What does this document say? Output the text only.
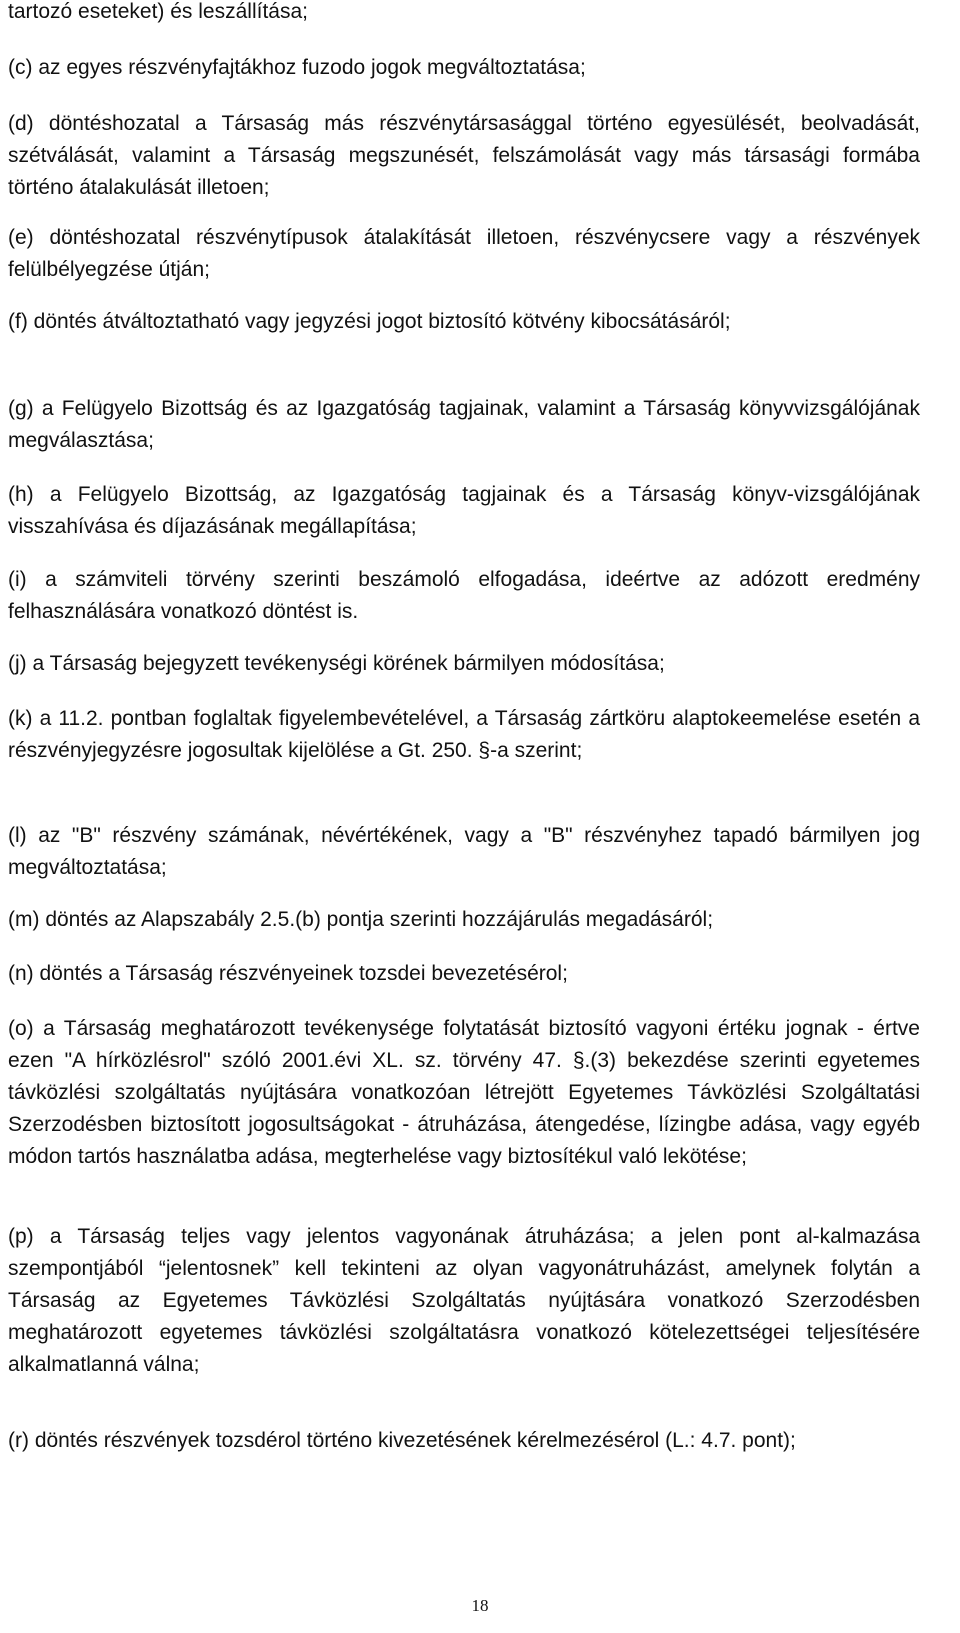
tartozó eseteket) és leszállítása;

(c) az egyes részvényfajtákhoz fuzodo jogok megváltoztatása;

(d) döntéshozatal a Társaság más részvénytársasággal történo egyesülését, beolvadását, szétválását, valamint a Társaság megszunését, felszámolását vagy más társasági formába történo átalakulását illetoen;

(e) döntéshozatal részvénytípusok átalakítását illetoen, részvénycsere vagy a részvények felülbélyegzése útján;

(f) döntés átváltoztatható vagy jegyzési jogot biztosító kötvény kibocsátásáról;

(g) a Felügyelo Bizottság és az Igazgatóság tagjainak, valamint a Társaság könyvvizsgálójának megválasztása;

(h) a Felügyelo Bizottság, az Igazgatóság tagjainak és a Társaság könyv-vizsgálójának visszahívása és díjazásának megállapítása;

(i) a számviteli törvény szerinti beszámoló elfogadása, ideértve az adózott eredmény felhasználására vonatkozó döntést is.

(j) a Társaság bejegyzett tevékenységi körének bármilyen módosítása;

(k) a 11.2. pontban foglaltak figyelembevételével, a Társaság zártköru alaptokeemelése esetén a részvényjegyzésre jogosultak kijelölése a Gt. 250. §-a szerint;

(l) az "B" részvény számának, névértékének, vagy a "B" részvényhez tapadó bármilyen jog megváltoztatása;

(m) döntés az Alapszabály 2.5.(b) pontja szerinti hozzájárulás megadásáról;

(n) döntés a Társaság részvényeinek tozsdei bevezetésérol;

(o) a Társaság meghatározott tevékenysége folytatását biztosító vagyoni értéku jognak - értve ezen "A hírközlésrol" szóló 2001.évi XL. sz. törvény 47. §.(3) bekezdése szerinti egyetemes távközlési szolgáltatás nyújtására vonatkozóan létrejött Egyetemes Távközlési Szolgáltatási Szerzodésben biztosított jogosultságokat - átruházása, átengedése, lízingbe adása, vagy egyéb módon tartós használatba adása, megterhelése vagy biztosítékul való lekötése;

(p) a Társaság teljes vagy jelentos vagyonának átruházása; a jelen pont al-kalmazása szempontjából “jelentosnek” kell tekinteni az olyan vagyonátruházást, amelynek folytán a Társaság az Egyetemes Távközlési Szolgáltatás nyújtására vonatkozó Szerzodésben meghatározott egyetemes távközlési szolgáltatásra vonatkozó kötelezettségei teljesítésére alkalmatlanná válna;

(r) döntés részvények tozsdérol történo kivezetésének kérelmezésérol (L.: 4.7. pont);

18
